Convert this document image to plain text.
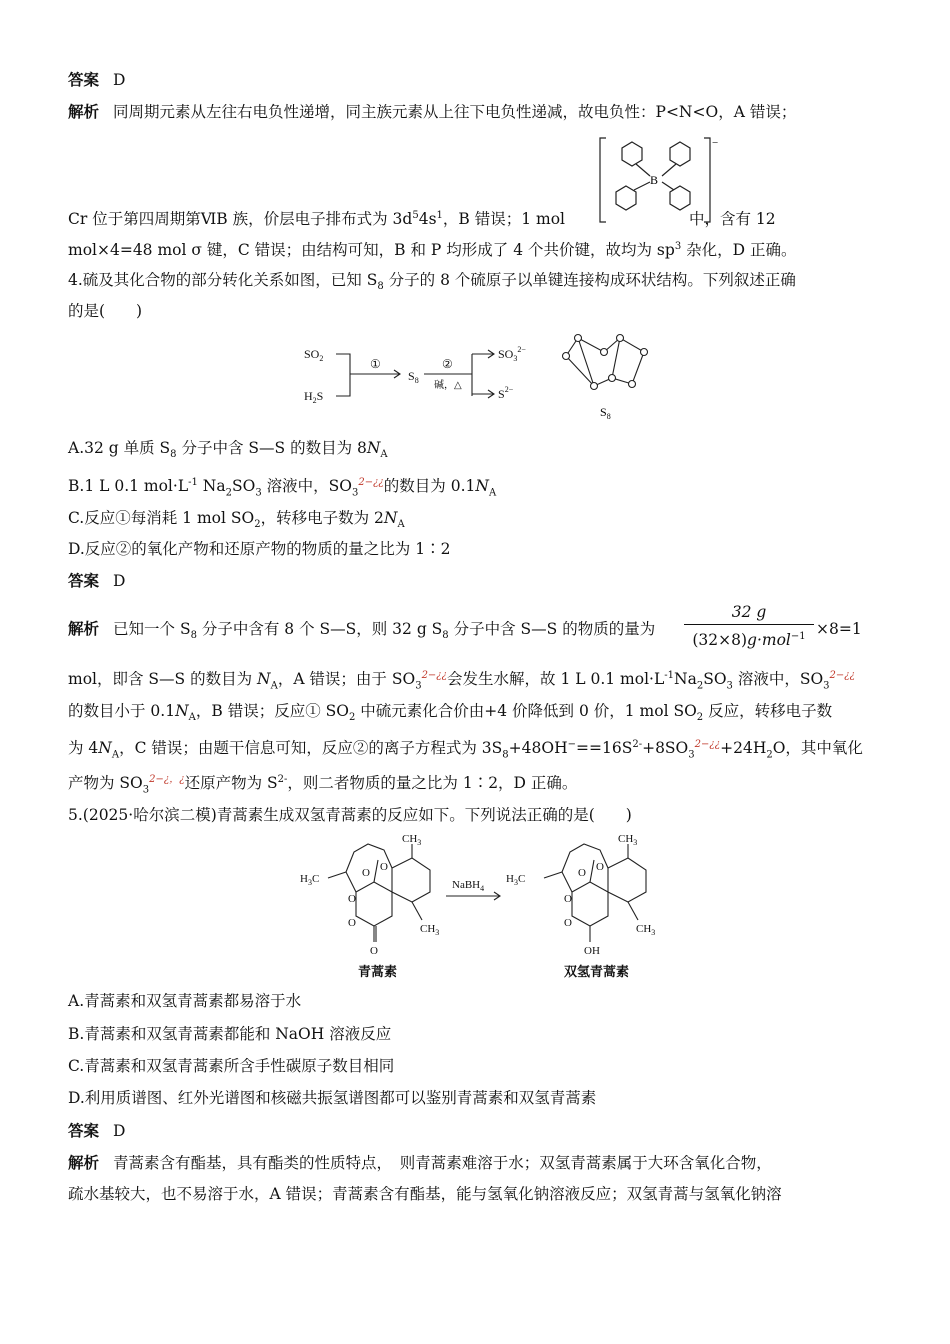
答案 D
解析 同周期元素从左往右电负性递增，同主族元素从上往下电负性递减，故电负性：P<N<O，A 错误；
B
−
Cr 位于第四周期第ⅥB 族，价层电子排布式为 $3d^54s^1$，B 错误；1 mol	中，含有 12
mol×4=48 mol σ 键，C 错误；由结构可知，B 和 P 均形成了 4 个共价键，故均为 $sp^3$ 杂化，D 正确。
4.硫及其化合物的部分转化关系如图，已知 $S_8$ 分子的 8 个硫原子以单键连接构成环状结构。下列叙述正确
的是(　　)
$SO_2$
$H_2S$
①
$S_8$
②
碱，△
$SO_3^{2-}$
$S^{2-}$
$S_8$
A.32 g 单质 $S_8$ 分子中含 S—S 的数目为 $8N_A$
B.1 L 0.1 $mol\cdot L^{-1}$ $Na_2SO_3$ 溶液中，$SO_3^{2-¿¿}$的数目为 $0.1N_A$
C.反应①每消耗 1 mol $SO_2$，转移电子数为 $2N_A$
D.反应②的氧化产物和还原产物的物质的量之比为 1∶2
答案 D
解析 已知一个 $S_8$ 分子中含有 8 个 S—S，则 32 g $S_8$ 分子中含 S—S 的物质的量为
32 g
(32×8)g·mol$^{-1}$ ×8=1
mol，即含 S—S 的数目为 $N_A$，A 错误；由于 $SO_3^{2-¿¿}$会发生水解，故 1 L 0.1 $mol\cdot L^{-1}Na_2SO_3$ 溶液中，$SO_3^{2-¿¿}$
的数目小于 $0.1N_A$，B 错误；反应① $SO_2$ 中硫元素化合价由+4 价降低到 0 价，1 mol $SO_2$ 反应，转移电子数
为 $4N_A$，C 错误；由题干信息可知，反应②的离子方程式为 $3S_8+48OH^-==16S^{2-}+8SO_3^{2-¿¿}+24H_2O$，其中氧化
产物为 $SO_3^{2-¿,¿}$还原产物为 $S^{2-}$，则二者物质的量之比为 1∶2，D 正确。
5.(2025·哈尔滨二模)青蒿素生成双氢青蒿素的反应如下。下列说法正确的是(　　)
NaBH$_4$
$CH_3$
$H_3C$	O O
O
O	$CH_3$
O
$CH_3$
$H_3C$	O O
O
O	$CH_3$
OH
青蒿素	双氢青蒿素
A.青蒿素和双氢青蒿素都易溶于水
B.青蒿素和双氢青蒿素都能和 NaOH 溶液反应
C.青蒿素和双氢青蒿素所含手性碳原子数目相同
D.利用质谱图、红外光谱图和核磁共振氢谱图都可以鉴别青蒿素和双氢青蒿素
答案 D
解析 青蒿素含有酯基，具有酯类的性质特点，　则青蒿素难溶于水；双氢青蒿素属于大环含氧化合物，
疏水基较大，也不易溶于水，A 错误；青蒿素含有酯基，能与氢氧化钠溶液反应；双氢青蒿与氢氧化钠溶
